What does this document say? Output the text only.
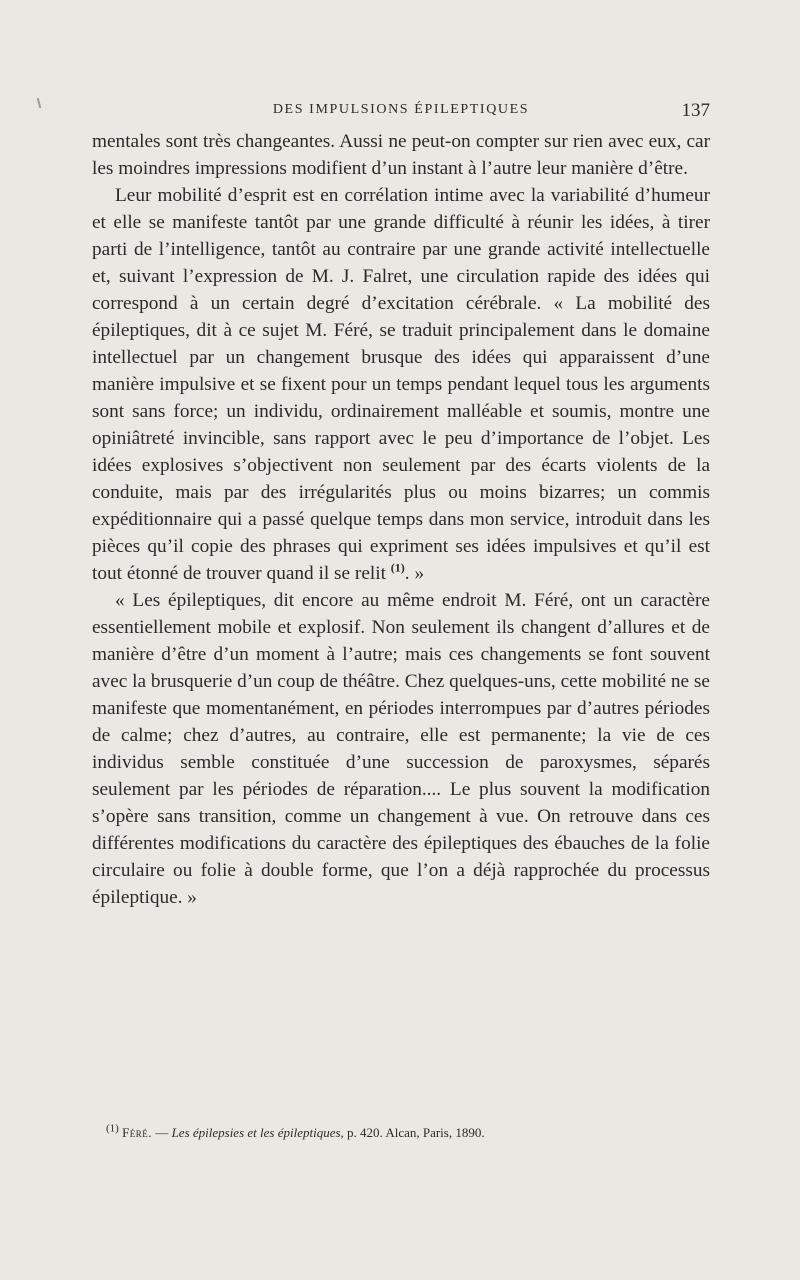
DES IMPULSIONS ÉPILEPTIQUES	137

mentales sont très changeantes. Aussi ne peut-on compter sur rien avec eux, car les moindres impressions modifient d’un instant à l’autre leur manière d’être.

Leur mobilité d’esprit est en corrélation intime avec la variabilité d’humeur et elle se manifeste tantôt par une grande difficulté à réunir les idées, à tirer parti de l’intelligence, tantôt au contraire par une grande activité intellectuelle et, suivant l’expression de M. J. Falret, une circulation rapide des idées qui correspond à un certain degré d’excitation cérébrale. « La mobilité des épileptiques, dit à ce sujet M. Féré, se traduit principalement dans le domaine intellectuel par un changement brusque des idées qui apparaissent d’une manière impulsive et se fixent pour un temps pendant lequel tous les arguments sont sans force; un individu, ordinairement malléable et soumis, montre une opiniâtreté invincible, sans rapport avec le peu d’importance de l’objet. Les idées explosives s’objectivent non seulement par des écarts violents de la conduite, mais par des irrégularités plus ou moins bizarres; un commis expéditionnaire qui a passé quelque temps dans mon service, introduit dans les pièces qu’il copie des phrases qui expriment ses idées impulsives et qu’il est tout étonné de trouver quand il se relit $^{(1)}$. »

« Les épileptiques, dit encore au même endroit M. Féré, ont un caractère essentiellement mobile et explosif. Non seulement ils changent d’allures et de manière d’être d’un moment à l’autre; mais ces changements se font souvent avec la brusquerie d’un coup de théâtre. Chez quelques-uns, cette mobilité ne se manifeste que momentanément, en périodes interrompues par d’autres périodes de calme; chez d’autres, au contraire, elle est permanente; la vie de ces individus semble constituée d’une succession de paroxysmes, séparés seulement par les périodes de réparation.... Le plus souvent la modification s’opère sans transition, comme un changement à vue. On retrouve dans ces différentes modifications du caractère des épileptiques des ébauches de la folie circulaire ou folie à double forme, que l’on a déjà rapprochée du processus épileptique. »

$^{(1)}$ Féré. — Les épilepsies et les épileptiques, p. 420. Alcan, Paris, 1890.
